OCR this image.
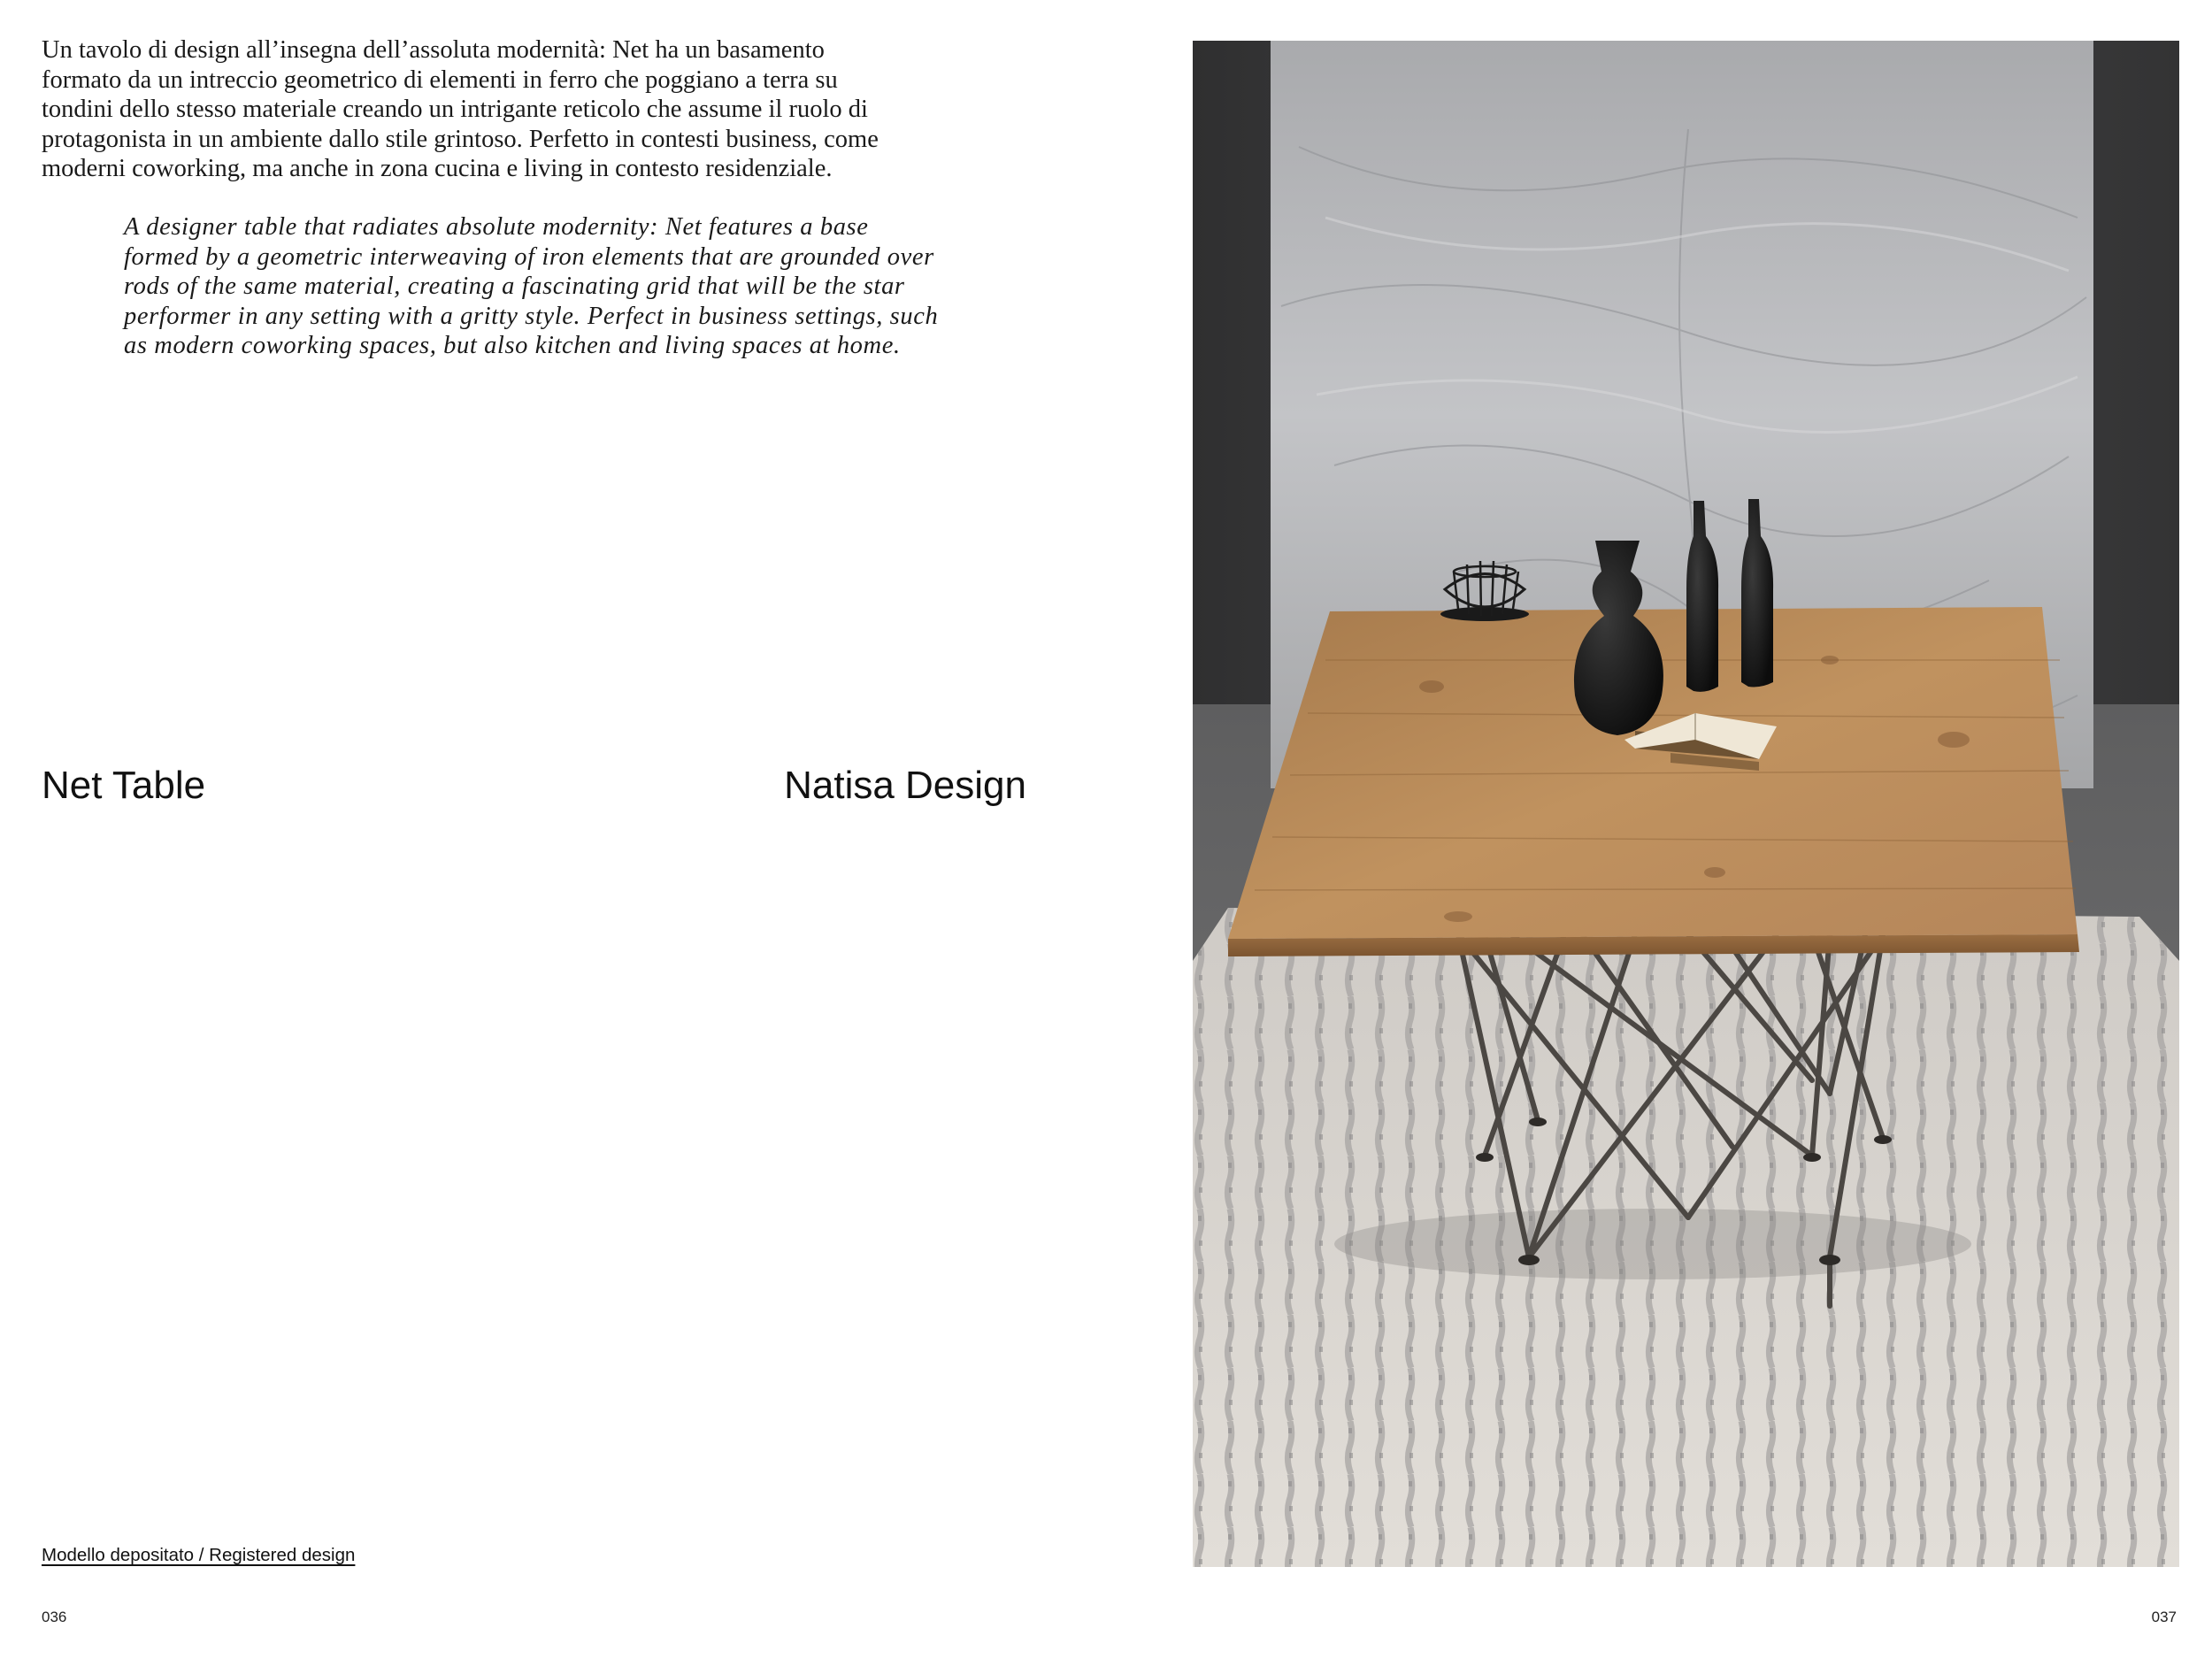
Un tavolo di design all’insegna dell’assoluta modernità: Net ha un basamento
formato da un intreccio geometrico di elementi in ferro che poggiano a terra su
tondini dello stesso materiale creando un intrigante reticolo che assume il ruolo di
protagonista in un ambiente dallo stile grintoso. Perfetto in contesti business, come
moderni coworking, ma anche in zona cucina e living in contesto residenziale.
A designer table that radiates absolute modernity: Net features a base
formed by a geometric interweaving of iron elements that are grounded over
rods of the same material, creating a fascinating grid that will be the star
performer in any setting with a gritty style. Perfect in business settings, such
as modern coworking spaces, but also kitchen and living spaces at home.
Net Table	Natisa Design
Modello depositato / Registered design
036	037
